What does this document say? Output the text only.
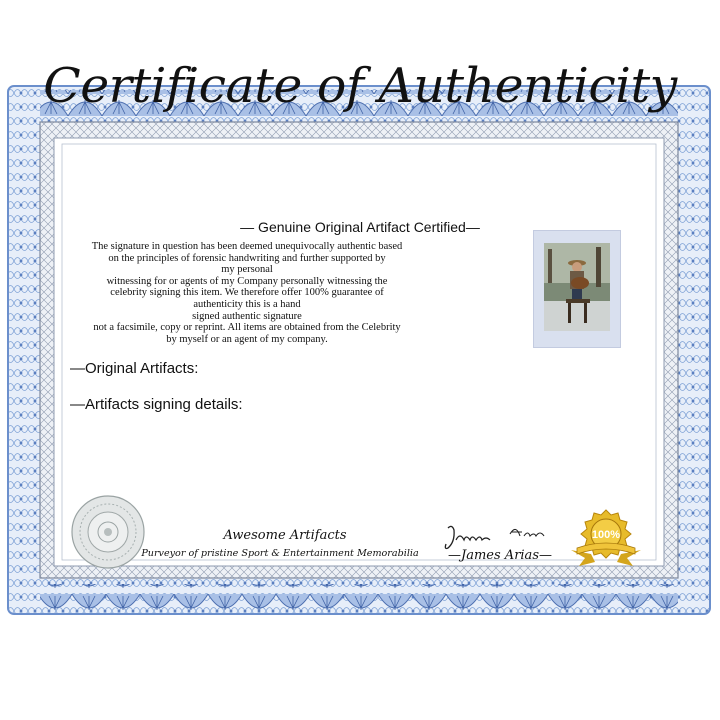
Certificate of Authenticity
— Genuine Original Artifact Certified—
The signature in question has been deemed unequivocally authentic based
on the principles of forensic handwriting and further supported by
my personal
witnessing for or agents of my Company personally witnessing the
celebrity signing this item. We therefore offer 100% guarantee of
authenticity this is a hand
signed authentic signature
not a facsimile, copy or reprint. All items are obtained from the Celebrity
by myself or an agent of my company.
—Original Artifacts:
—Artifacts signing details:
Awesome Artifacts
Purveyor of pristine Sport & Entertainment Memorabilia	—James Arias—
100%
